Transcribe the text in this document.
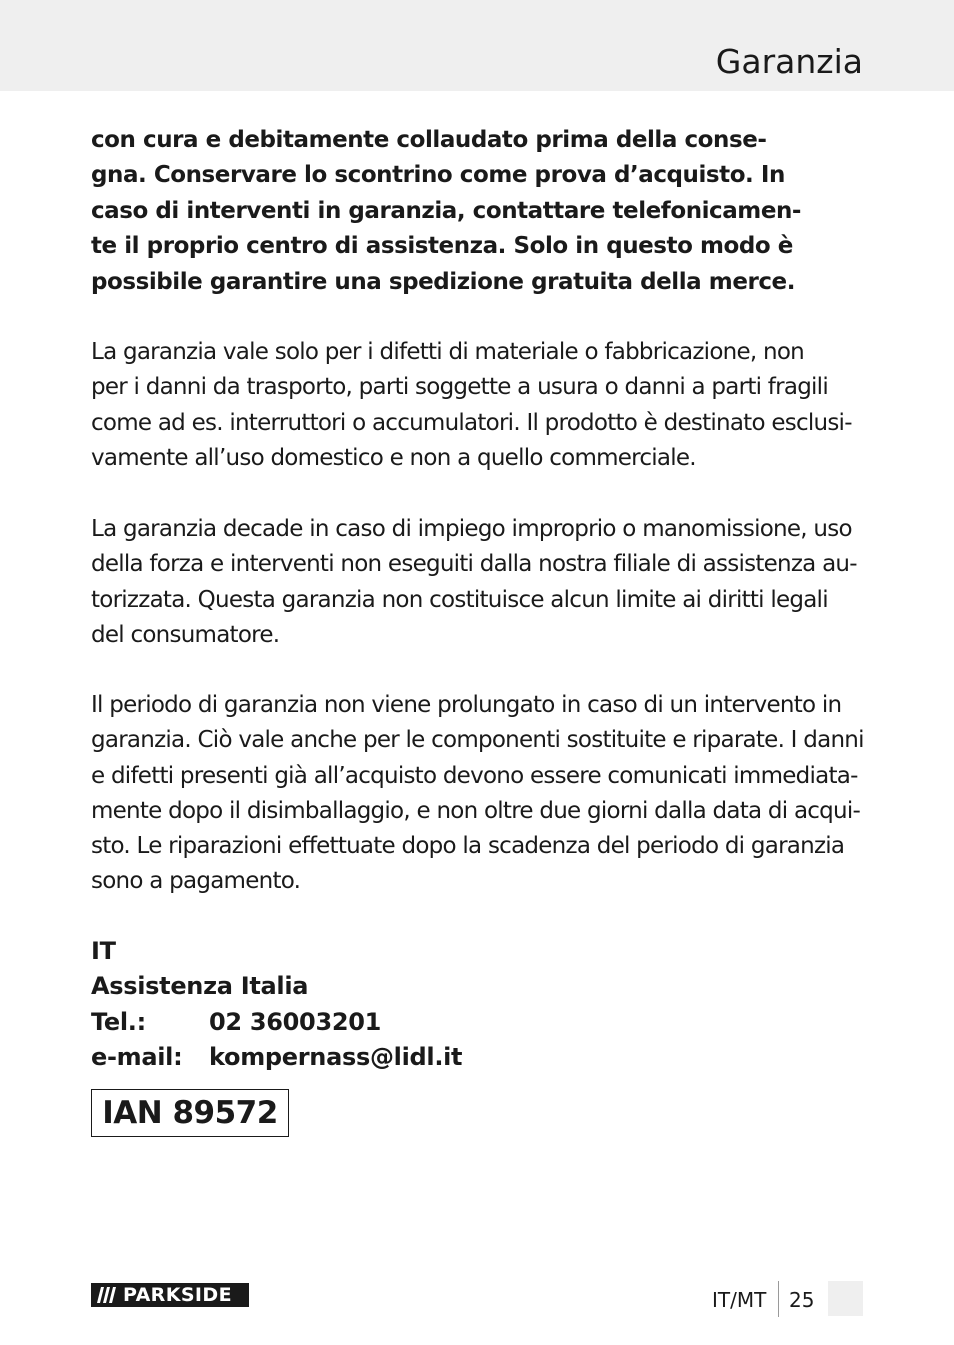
Garanzia
con cura e debitamente collaudato prima della conse-
gna. Conservare lo scontrino come prova d’acquisto. In
caso di interventi in garanzia, contattare telefonicamen-
te il proprio centro di assistenza. Solo in questo modo è
possibile garantire una spedizione gratuita della merce.
La garanzia vale solo per i difetti di materiale o fabbricazione, non
per i danni da trasporto, parti soggette a usura o danni a parti fragili
come ad es. interruttori o accumulatori. Il prodotto è destinato esclusi-
vamente all’uso domestico e non a quello commerciale.
La garanzia decade in caso di impiego improprio o manomissione, uso
della forza e interventi non eseguiti dalla nostra filiale di assistenza au-
torizzata. Questa garanzia non costituisce alcun limite ai diritti legali
del consumatore.
Il periodo di garanzia non viene prolungato in caso di un intervento in
garanzia. Ciò vale anche per le componenti sostituite e riparate. I danni
e difetti presenti già all’acquisto devono essere comunicati immediata-
mente dopo il disimballaggio, e non oltre due giorni dalla data di acqui-
sto. Le riparazioni effettuate dopo la scadenza del periodo di garanzia
sono a pagamento.
IT
Assistenza Italia
Tel.:	02 36003201
e-mail:	kompernass@lidl.it
IAN 89572
PARKSIDE	IT/MT 25
